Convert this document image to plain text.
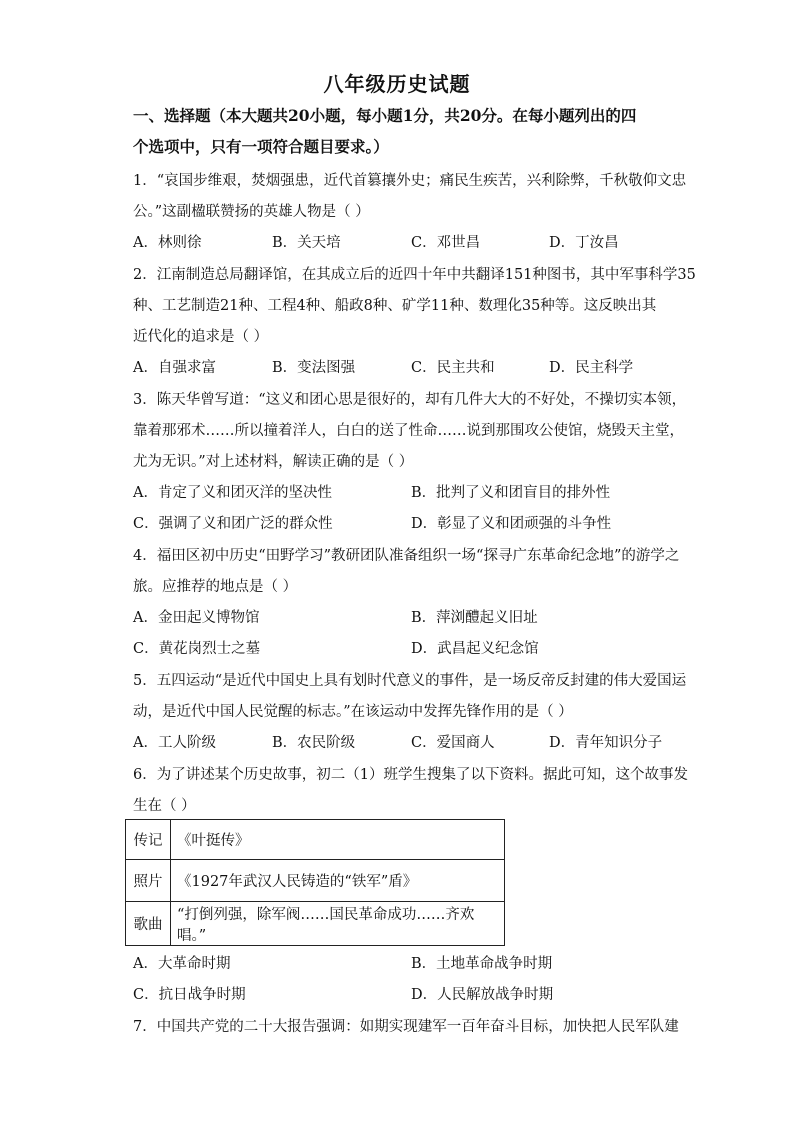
八年级历史试题
一、选择题（本大题共20小题，每小题1分，共20分。在每小题列出的四
个选项中，只有一项符合题目要求。）
1．“哀国步维艰，焚烟强患，近代首篡攘外史；痛民生疾苦，兴利除弊，千秋敬仰文忠
公。”这副楹联赞扬的英雄人物是（ ）
A．林则徐	B．关天培	C．邓世昌	D．丁汝昌
2．江南制造总局翻译馆，在其成立后的近四十年中共翻译151种图书，其中军事科学35
种、工艺制造21种、工程4种、船政8种、矿学11种、数理化35种等。这反映出其
近代化的追求是（ ）
A．自强求富	B．变法图强	C．民主共和	D．民主科学
3．陈天华曾写道：“这义和团心思是很好的，却有几件大大的不好处，不操切实本领，
靠着那邪术……所以撞着洋人，白白的送了性命……说到那围攻公使馆，烧毁天主堂，
尤为无识。”对上述材料，解读正确的是（ ）
A．肯定了义和团灭洋的坚决性	B．批判了义和团盲目的排外性
C．强调了义和团广泛的群众性	D．彰显了义和团顽强的斗争性
4．福田区初中历史“田野学习”教研团队准备组织一场“探寻广东革命纪念地”的游学之
旅。应推荐的地点是（ ）
A．金田起义博物馆	B．萍浏醴起义旧址
C．黄花岗烈士之墓	D．武昌起义纪念馆
5．五四运动“是近代中国史上具有划时代意义的事件，是一场反帝反封建的伟大爱国运
动，是近代中国人民觉醒的标志。”在该运动中发挥先锋作用的是（ ）
A．工人阶级	B．农民阶级	C．爱国商人	D．青年知识分子
6．为了讲述某个历史故事，初二（1）班学生搜集了以下资料。据此可知，这个故事发
生在（ ）
传记	《叶挺传》
照片	《1927年武汉人民铸造的“铁军”盾》
歌曲	“打倒列强，除军阀……国民革命成功……齐欢唱。”
A．大革命时期	B．土地革命战争时期
C．抗日战争时期	D．人民解放战争时期
7．中国共产党的二十大报告强调：如期实现建军一百年奋斗目标，加快把人民军队建
